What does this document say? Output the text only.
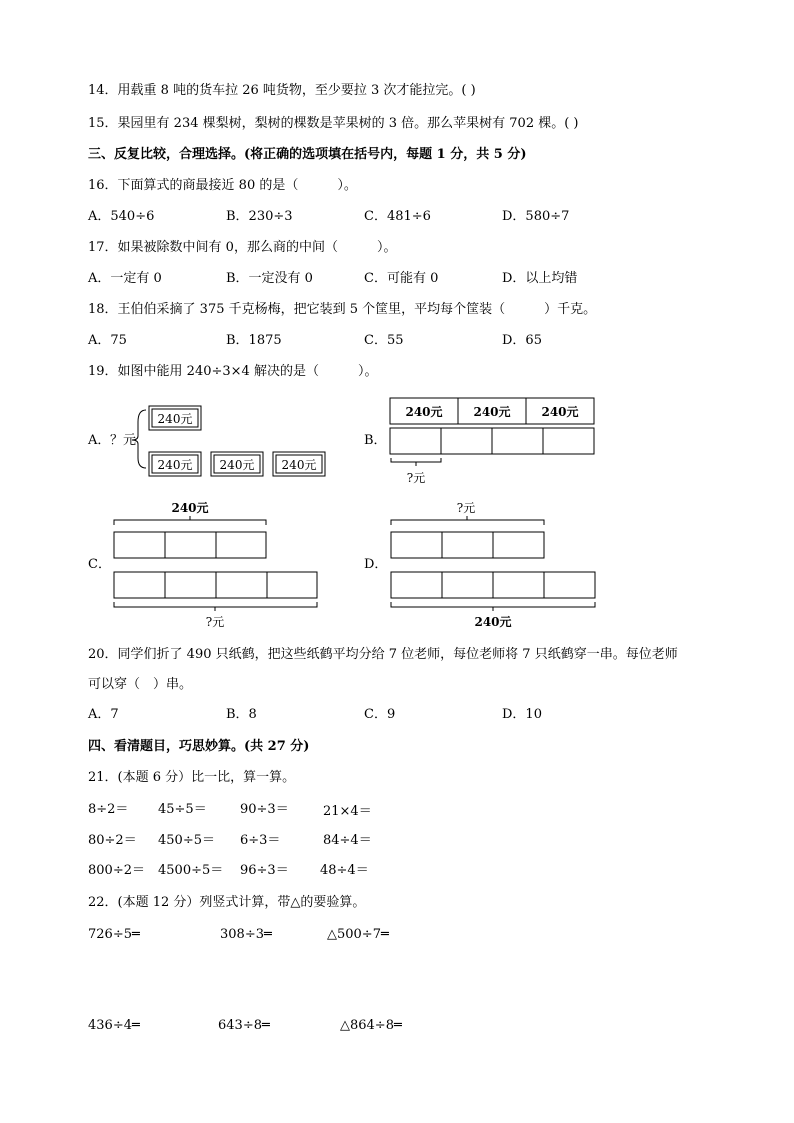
14．用载重 8 吨的货车拉 26 吨货物，至少要拉 3 次才能拉完。( )
15．果园里有 234 棵梨树，梨树的棵数是苹果树的 3 倍。那么苹果树有 702 棵。( )
三、反复比较，合理选择。(将正确的选项填在括号内，每题 1 分，共 5 分)
16．下面算式的商最接近 80 的是（　　　）。
A．540÷6	B．230÷3	C．481÷6	D．580÷7
17．如果被除数中间有 0，那么商的中间（　　　）。
A．一定有 0	B．一定没有 0	C．可能有 0	D．以上均错
18．王伯伯采摘了 375 千克杨梅，把它装到 5 个筐里，平均每个筐装（　　　）千克。
A．75	B．1875	C．55	D．65
19．如图中能用 240÷3×4 解决的是（　　　）。
A． ？元
240元
240元 240元 240元
B．
240元	240元	240元
?元
C．
240元
?元
D．
?元
240元
20．同学们折了 490 只纸鹤，把这些纸鹤平均分给 7 位老师，每位老师将 7 只纸鹤穿一串。每位老师
可以穿（　）串。
A．7	B．8	C．9	D．10
四、看清题目，巧思妙算。(共 27 分)
21．(本题 6 分）比一比，算一算。
8÷2＝ 45÷5＝	90÷3＝	21×4＝
80÷2＝ 450÷5＝ 6÷3＝	84÷4＝
800÷2＝ 4500÷5＝ 96÷3＝ 48÷4＝
22．(本题 12 分）列竖式计算，带△的要验算。
726÷5═	308÷3═	△500÷7═
436÷4═	643÷8═	△864÷8═
